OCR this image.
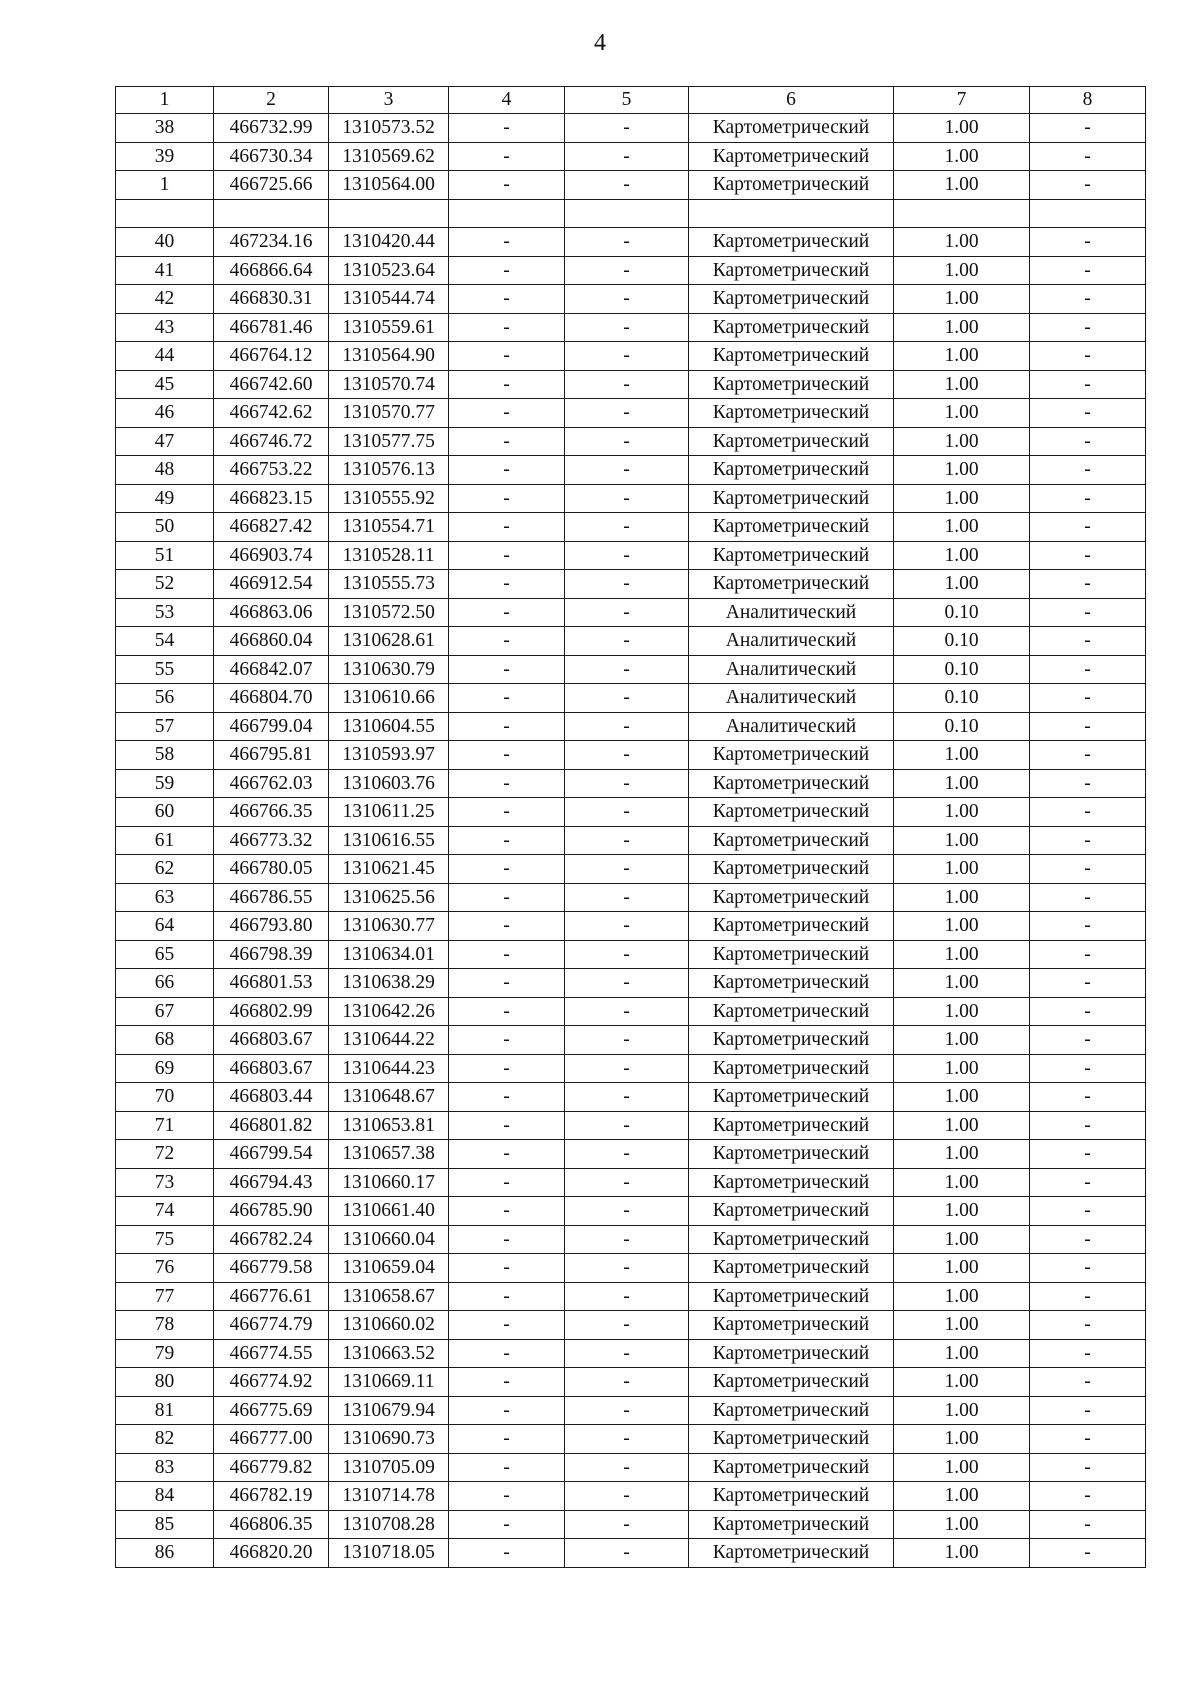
4
1	2	3	4	5	6	7	8
38	466732.99	1310573.52	-	-	Картометрический	1.00	-
39	466730.34	1310569.62	-	-	Картометрический	1.00	-
1	466725.66	1310564.00	-	-	Картометрический	1.00	-

40	467234.16	1310420.44	-	-	Картометрический	1.00	-
41	466866.64	1310523.64	-	-	Картометрический	1.00	-
42	466830.31	1310544.74	-	-	Картометрический	1.00	-
43	466781.46	1310559.61	-	-	Картометрический	1.00	-
44	466764.12	1310564.90	-	-	Картометрический	1.00	-
45	466742.60	1310570.74	-	-	Картометрический	1.00	-
46	466742.62	1310570.77	-	-	Картометрический	1.00	-
47	466746.72	1310577.75	-	-	Картометрический	1.00	-
48	466753.22	1310576.13	-	-	Картометрический	1.00	-
49	466823.15	1310555.92	-	-	Картометрический	1.00	-
50	466827.42	1310554.71	-	-	Картометрический	1.00	-
51	466903.74	1310528.11	-	-	Картометрический	1.00	-
52	466912.54	1310555.73	-	-	Картометрический	1.00	-
53	466863.06	1310572.50	-	-	Аналитический	0.10	-
54	466860.04	1310628.61	-	-	Аналитический	0.10	-
55	466842.07	1310630.79	-	-	Аналитический	0.10	-
56	466804.70	1310610.66	-	-	Аналитический	0.10	-
57	466799.04	1310604.55	-	-	Аналитический	0.10	-
58	466795.81	1310593.97	-	-	Картометрический	1.00	-
59	466762.03	1310603.76	-	-	Картометрический	1.00	-
60	466766.35	1310611.25	-	-	Картометрический	1.00	-
61	466773.32	1310616.55	-	-	Картометрический	1.00	-
62	466780.05	1310621.45	-	-	Картометрический	1.00	-
63	466786.55	1310625.56	-	-	Картометрический	1.00	-
64	466793.80	1310630.77	-	-	Картометрический	1.00	-
65	466798.39	1310634.01	-	-	Картометрический	1.00	-
66	466801.53	1310638.29	-	-	Картометрический	1.00	-
67	466802.99	1310642.26	-	-	Картометрический	1.00	-
68	466803.67	1310644.22	-	-	Картометрический	1.00	-
69	466803.67	1310644.23	-	-	Картометрический	1.00	-
70	466803.44	1310648.67	-	-	Картометрический	1.00	-
71	466801.82	1310653.81	-	-	Картометрический	1.00	-
72	466799.54	1310657.38	-	-	Картометрический	1.00	-
73	466794.43	1310660.17	-	-	Картометрический	1.00	-
74	466785.90	1310661.40	-	-	Картометрический	1.00	-
75	466782.24	1310660.04	-	-	Картометрический	1.00	-
76	466779.58	1310659.04	-	-	Картометрический	1.00	-
77	466776.61	1310658.67	-	-	Картометрический	1.00	-
78	466774.79	1310660.02	-	-	Картометрический	1.00	-
79	466774.55	1310663.52	-	-	Картометрический	1.00	-
80	466774.92	1310669.11	-	-	Картометрический	1.00	-
81	466775.69	1310679.94	-	-	Картометрический	1.00	-
82	466777.00	1310690.73	-	-	Картометрический	1.00	-
83	466779.82	1310705.09	-	-	Картометрический	1.00	-
84	466782.19	1310714.78	-	-	Картометрический	1.00	-
85	466806.35	1310708.28	-	-	Картометрический	1.00	-
86	466820.20	1310718.05	-	-	Картометрический	1.00	-
